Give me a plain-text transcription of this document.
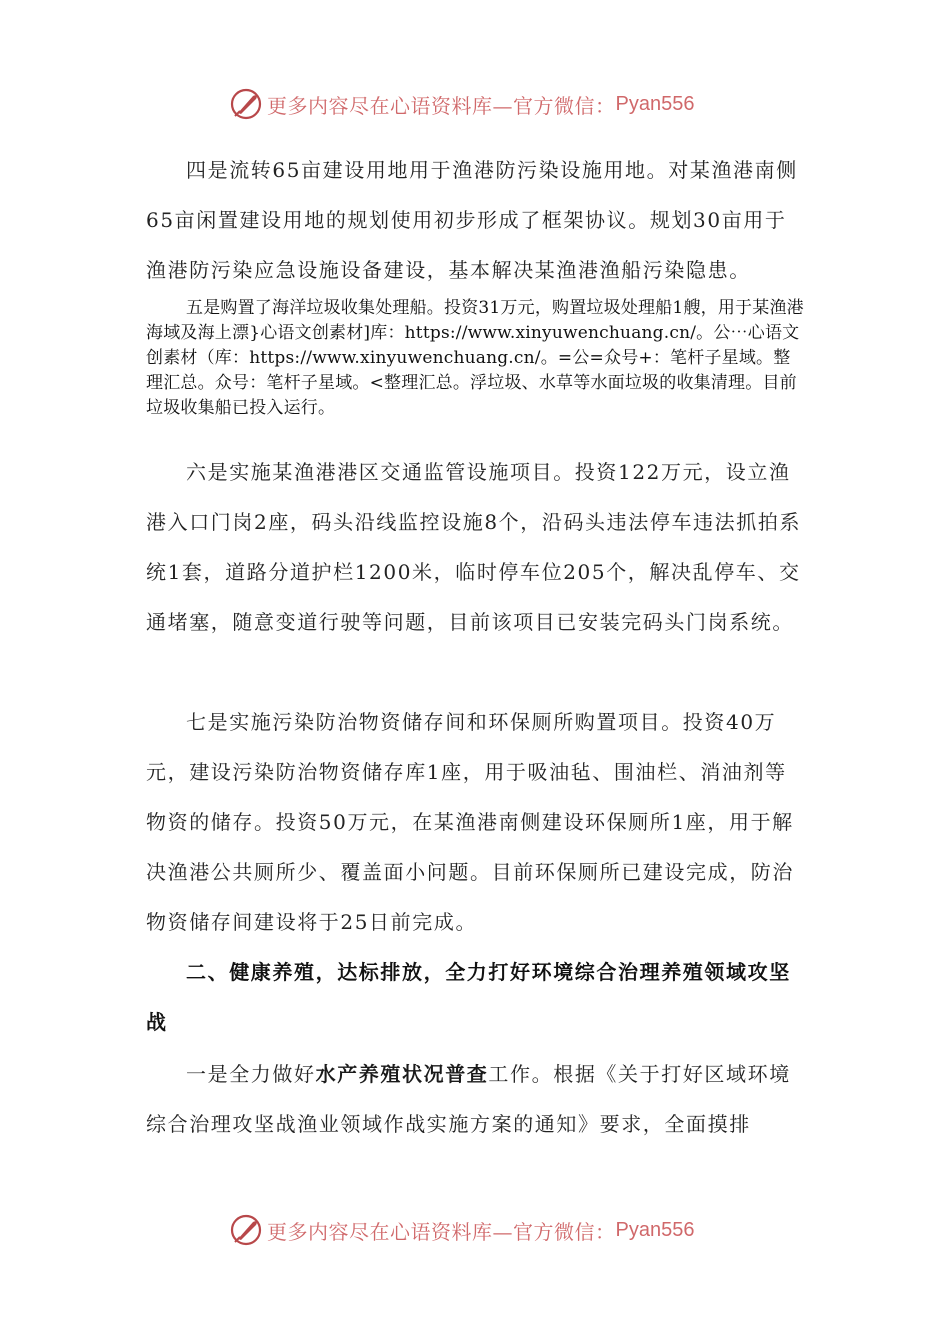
更多内容尽在心语资料库—官方微信： Pyan556

四是流转65亩建设用地用于渔港防污染设施用地。对某渔港南侧65亩闲置建设用地的规划使用初步形成了框架协议。规划30亩用于渔港防污染应急设施设备建设，基本解决某渔港渔船污染隐患。

五是购置了海洋垃圾收集处理船。投资31万元，购置垃圾处理船1艘，用于某渔港海域及海上漂}心语文创素材]库：https://www.xinyuwenchuang.cn/。公⋯心语文创素材（库：https://www.xinyuwenchuang.cn/。=公=众号+：笔杆子星域。整理汇总。众号：笔杆子星域。<整理汇总。浮垃圾、水草等水面垃圾的收集清理。目前垃圾收集船已投入运行。

六是实施某渔港港区交通监管设施项目。投资122万元，设立渔港入口门岗2座，码头沿线监控设施8个，沿码头违法停车违法抓拍系统1套，道路分道护栏1200米，临时停车位205个，解决乱停车、交通堵塞，随意变道行驶等问题，目前该项目已安装完码头门岗系统。

七是实施污染防治物资储存间和环保厕所购置项目。投资40万元，建设污染防治物资储存库1座，用于吸油毡、围油栏、消油剂等物资的储存。投资50万元，在某渔港南侧建设环保厕所1座，用于解决渔港公共厕所少、覆盖面小问题。目前环保厕所已建设完成，防治物资储存间建设将于25日前完成。

二、健康养殖，达标排放，全力打好环境综合治理养殖领域攻坚战

一是全力做好水产养殖状况普查工作。根据《关于打好区域环境综合治理攻坚战渔业领域作战实施方案的通知》要求，全面摸排

更多内容尽在心语资料库—官方微信： Pyan556
